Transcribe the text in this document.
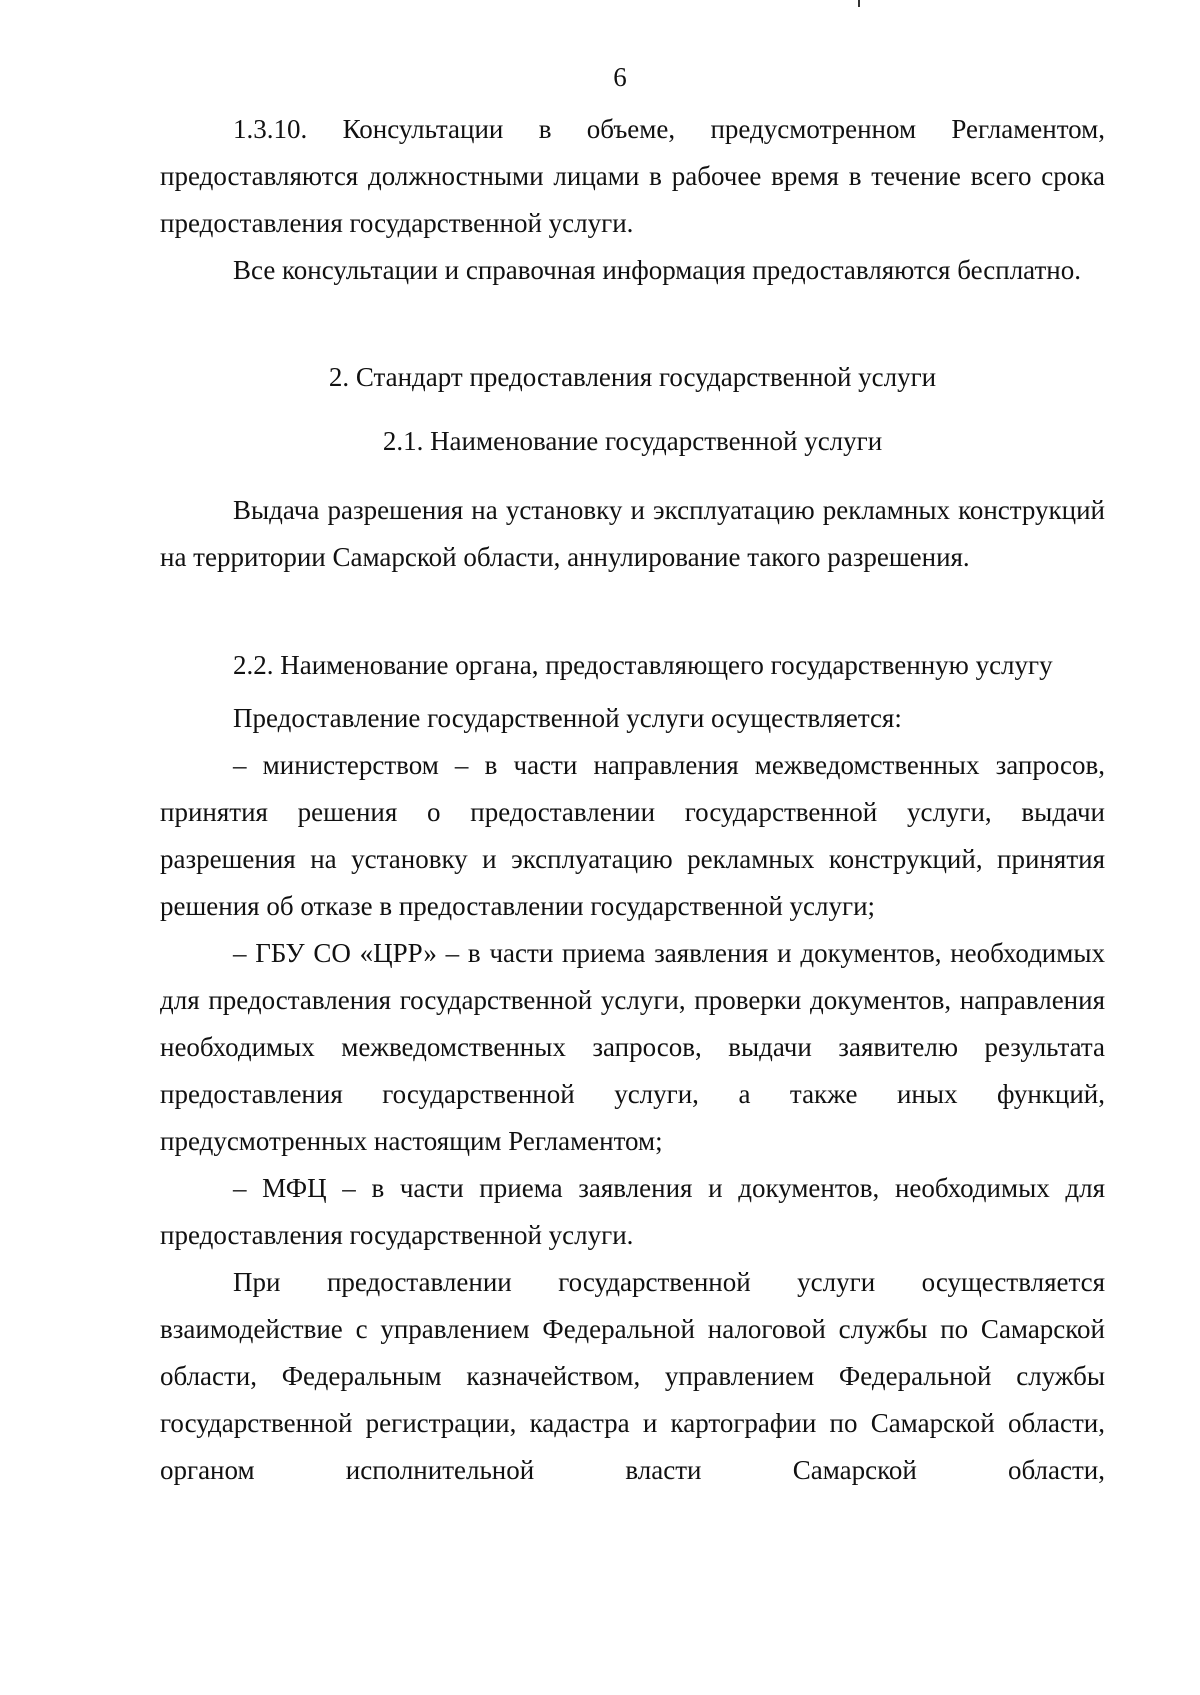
6

1.3.10. Консультации в объеме, предусмотренном Регламентом, предоставляются должностными лицами в рабочее время в течение всего срока предоставления государственной услуги.

Все консультации и справочная информация предоставляются бесплатно.

2. Стандарт предоставления государственной услуги

2.1. Наименование государственной услуги

Выдача разрешения на установку и эксплуатацию рекламных конструкций на территории Самарской области, аннулирование такого разрешения.

2.2. Наименование органа, предоставляющего государственную услугу

Предоставление государственной услуги осуществляется:

– министерством – в части направления межведомственных запросов, принятия решения о предоставлении государственной услуги, выдачи разрешения на установку и эксплуатацию рекламных конструкций, принятия решения об отказе в предоставлении государственной услуги;

– ГБУ СО «ЦРР» – в части приема заявления и документов, необходимых для предоставления государственной услуги, проверки документов, направления необходимых межведомственных запросов, выдачи заявителю результата предоставления государственной услуги, а также иных функций, предусмотренных настоящим Регламентом;

– МФЦ – в части приема заявления и документов, необходимых для предоставления государственной услуги.

При предоставлении государственной услуги осуществляется взаимодействие с управлением Федеральной налоговой службы по Самарской области, Федеральным казначейством, управлением Федеральной службы государственной регистрации, кадастра и картографии по Самарской области, органом исполнительной власти Самарской области,
